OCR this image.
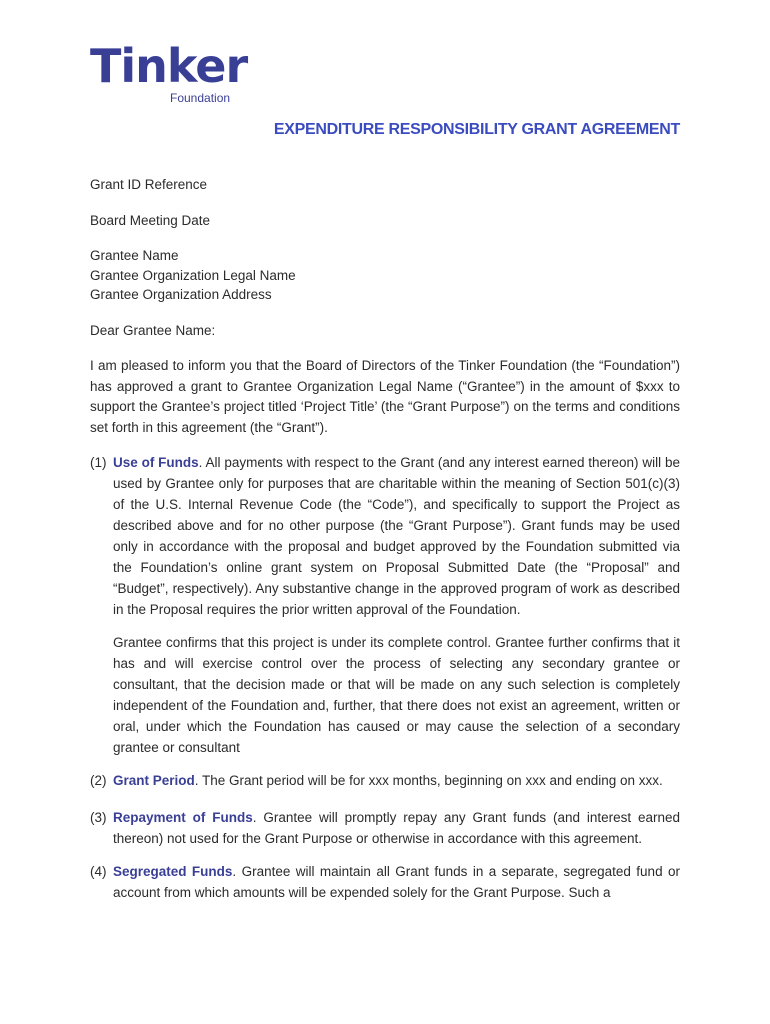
Tinker
Foundation
EXPENDITURE RESPONSIBILITY GRANT AGREEMENT

Grant ID Reference

Board Meeting Date

Grantee Name

Grantee Organization Legal Name

Grantee Organization Address

Dear Grantee Name:

I am pleased to inform you that the Board of Directors of the Tinker Foundation (the “Foundation”) has approved a grant to Grantee Organization Legal Name (“Grantee”) in the amount of $xxx to support the Grantee’s project titled ‘Project Title’ (the “Grant Purpose”) on the terms and conditions set forth in this agreement (the “Grant”).

(1) Use of Funds. All payments with respect to the Grant (and any interest earned thereon) will be used by Grantee only for purposes that are charitable within the meaning of Section 501(c)(3) of the U.S. Internal Revenue Code (the “Code”), and specifically to support the Project as described above and for no other purpose (the “Grant Purpose”). Grant funds may be used only in accordance with the proposal and budget approved by the Foundation submitted via the Foundation’s online grant system on Proposal Submitted Date (the “Proposal” and “Budget”, respectively). Any substantive change in the approved program of work as described in the Proposal requires the prior written approval of the Foundation.

Grantee confirms that this project is under its complete control. Grantee further confirms that it has and will exercise control over the process of selecting any secondary grantee or consultant, that the decision made or that will be made on any such selection is completely independent of the Foundation and, further, that there does not exist an agreement, written or oral, under which the Foundation has caused or may cause the selection of a secondary grantee or consultant

(2) Grant Period. The Grant period will be for xxx months, beginning on xxx and ending on xxx.
(3) Repayment of Funds. Grantee will promptly repay any Grant funds (and interest earned thereon) not used for the Grant Purpose or otherwise in accordance with this agreement.
(4) Segregated Funds. Grantee will maintain all Grant funds in a separate, segregated fund or account from which amounts will be expended solely for the Grant Purpose. Such a
